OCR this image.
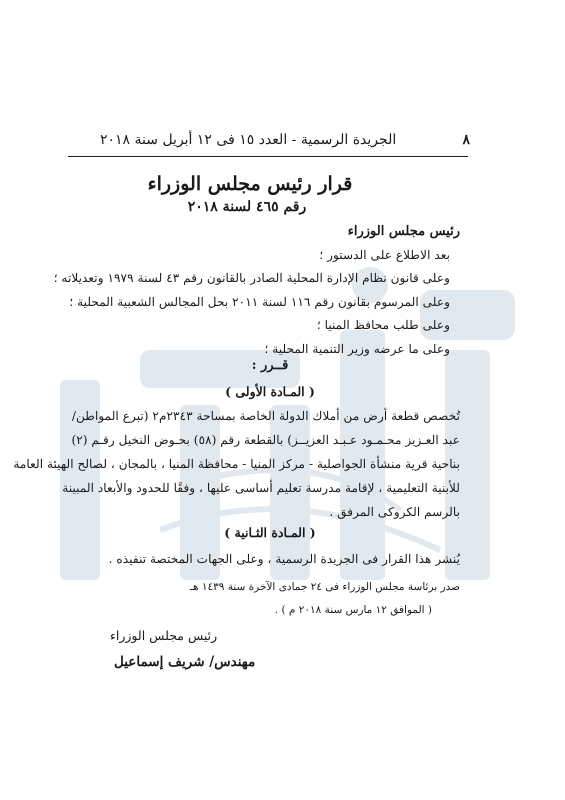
٨
الجريدة الرسمية - العدد ١٥ فى ١٢ أبريل سنة ٢٠١٨
قرار رئيس مجلس الوزراء
رقم ٤٦٥ لسنة ٢٠١٨
رئيس مجلس الوزراء
بعد الاطلاع على الدستور ؛
وعلى قانون نظام الإدارة المحلية الصادر بالقانون رقم ٤٣ لسنة ١٩٧٩ وتعديلاته ؛
وعلى المرسوم بقانون رقم ١١٦ لسنة ٢٠١١ بحل المجالس الشعبية المحلية ؛
وعلى طلب محافظ المنيا ؛
وعلى ما عرضه وزير التنمية المحلية ؛
قــرر :
( المـادة الأولى )
تُخصص قطعة أرض من أملاك الدولة الخاصة بمساحة ٢٣٤٣م٢ (تبرع المواطن/
عبد العـزيز محـمـود عـبـد العزيــز) بالقطعة رقم (٥٨) بحـوض النخيل رقـم (٢)
بناحية قرية منشأة الجواصلية - مركز المنيا - محافظة المنيا ، بالمجان ، لصالح الهيئة العامة
للأبنية التعليمية ، لإقامة مدرسة تعليم أساسى عليها ، وفقًا للحدود والأبعاد المبينة
بالرسم الكروكى المرفق .
( المـادة الثـانية )
يُنشر هذا القرار فى الجريدة الرسمية ، وعلى الجهات المختصة تنفيذه .
صدر برئاسة مجلس الوزراء فى ٢٤ جمادى الآخرة سنة ١٤٣٩ هـ
( الموافق ١٢ مارس سنة ٢٠١٨ م ) .
رئيس مجلس الوزراء
مهندس/ شريف إسماعيل
